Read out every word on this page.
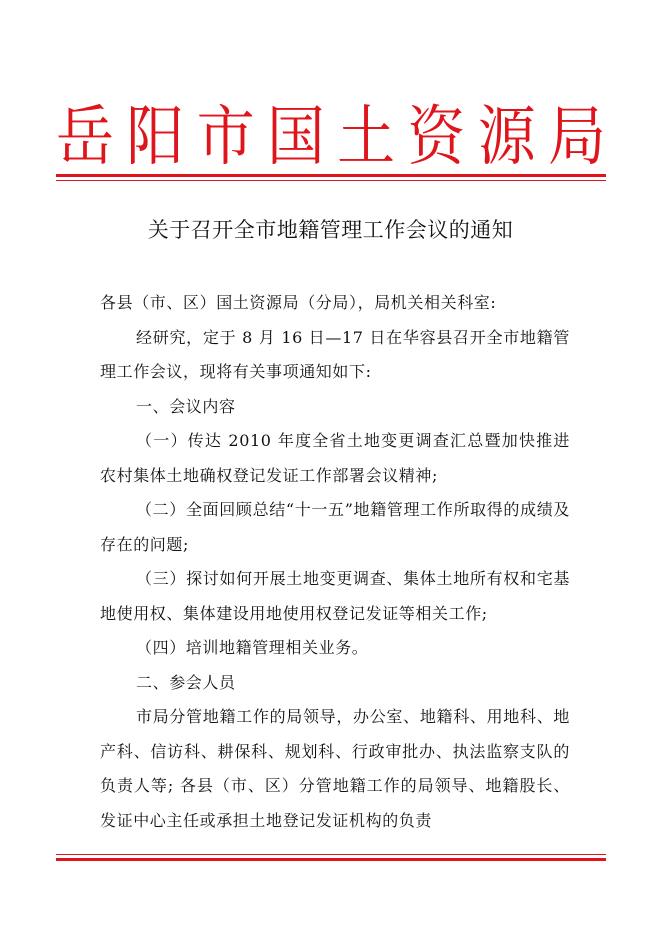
岳 阳 市 国 土 资 源 局
关于召开全市地籍管理工作会议的通知

各县（市、区）国土资源局（分局），局机关相关科室:

经研究，定于 8 月 16 日—17 日在华容县召开全市地籍管理工作会议，现将有关事项通知如下:

一、会议内容

（一）传达 2010 年度全省土地变更调查汇总暨加快推进农村集体土地确权登记发证工作部署会议精神;

（二）全面回顾总结“十一五”地籍管理工作所取得的成绩及存在的问题;

（三）探讨如何开展土地变更调查、集体土地所有权和宅基地使用权、集体建设用地使用权登记发证等相关工作;

（四）培训地籍管理相关业务。

二、参会人员

市局分管地籍工作的局领导，办公室、地籍科、用地科、地产科、信访科、耕保科、规划科、行政审批办、执法监察支队的负责人等; 各县（市、区）分管地籍工作的局领导、地籍股长、发证中心主任或承担土地登记发证机构的负责
